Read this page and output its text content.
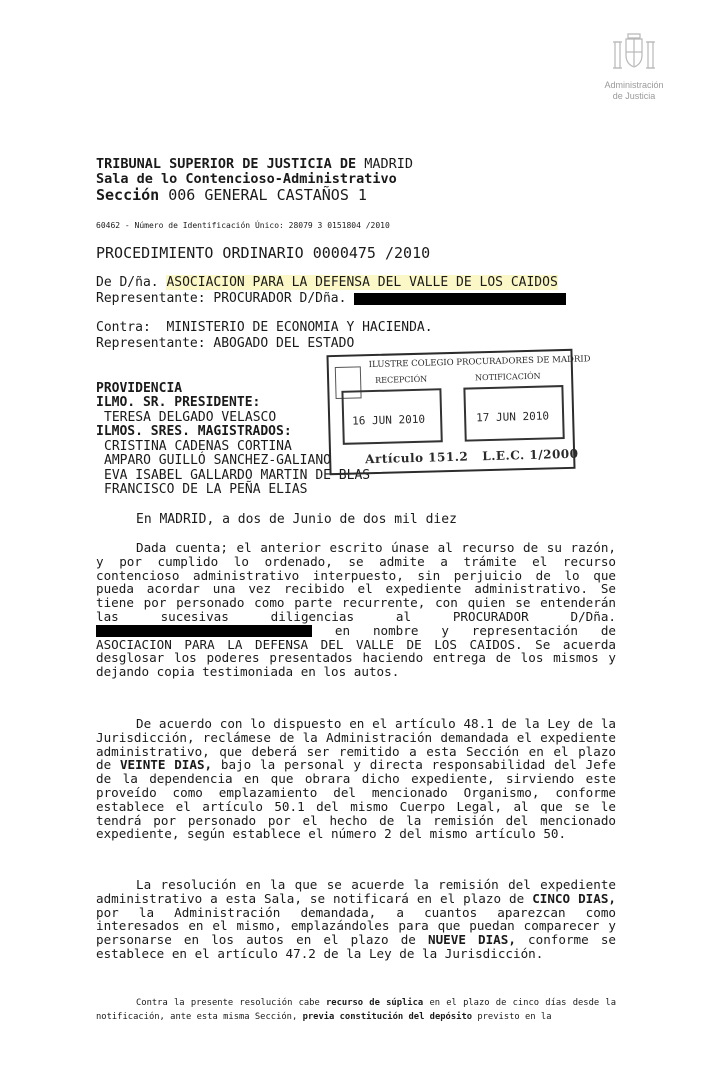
Administración
de Justicia
TRIBUNAL SUPERIOR DE JUSTICIA DE MADRID
Sala de lo Contencioso-Administrativo
Sección 006 GENERAL CASTAÑOS 1
60462 - Número de Identificación Único: 28079 3 0151804 /2010
PROCEDIMIENTO ORDINARIO 0000475 /2010
De D/ña. ASOCIACION PARA LA DEFENSA DEL VALLE DE LOS CAIDOS
Representante: PROCURADOR D/Dña.
Contra:  MINISTERIO DE ECONOMIA Y HACIENDA.
Representante: ABOGADO DEL ESTADO
PROVIDENCIA
ILMO. SR. PRESIDENTE:
TERESA DELGADO VELASCO
ILMOS. SRES. MAGISTRADOS:
CRISTINA CADENAS CORTINA
AMPARO GUILLÓ SANCHEZ-GALIANO
EVA ISABEL GALLARDO MARTIN DE BLAS
FRANCISCO DE LA PEÑA ELIAS
ILUSTRE COLEGIO PROCURADORES DE MADRID
RECEPCIÓN	NOTIFICACIÓN
16 JUN 2010	17 JUN 2010
Artículo 151.2   L.E.C. 1/2000
En MADRID, a dos de Junio de dos mil diez
Dada cuenta; el anterior escrito únase al recurso de su razón, y por cumplido lo ordenado, se admite a trámite el recurso contencioso administrativo interpuesto, sin perjuicio de lo que pueda acordar una vez recibido el expediente administrativo. Se tiene por personado como parte recurrente, con quien se entenderán las sucesivas diligencias al PROCURADOR D/Dña.  en nombre y representación de ASOCIACION PARA LA DEFENSA DEL VALLE DE LOS CAIDOS. Se acuerda desglosar los poderes presentados haciendo entrega de los mismos y dejando copia testimoniada en los autos.
De acuerdo con lo dispuesto en el artículo 48.1 de la Ley de la Jurisdicción, reclámese de la Administración demandada el expediente administrativo, que deberá ser remitido a esta Sección en el plazo de VEINTE DIAS, bajo la personal y directa responsabilidad del Jefe de la dependencia en que obrara dicho expediente, sirviendo este proveído como emplazamiento del mencionado Organismo, conforme establece el artículo 50.1 del mismo Cuerpo Legal, al que se le tendrá por personado por el hecho de la remisión del mencionado expediente, según establece el número 2 del mismo artículo 50.
La resolución en la que se acuerde la remisión del expediente administrativo a esta Sala, se notificará en el plazo de CINCO DIAS, por la Administración demandada, a cuantos aparezcan como interesados en el mismo, emplazándoles para que puedan comparecer y personarse en los autos en el plazo de NUEVE DIAS, conforme se establece en el artículo 47.2 de la Ley de la Jurisdicción.
Contra la presente resolución cabe recurso de súplica en el plazo de cinco días desde la notificación, ante esta misma Sección, previa constitución del depósito previsto en la
